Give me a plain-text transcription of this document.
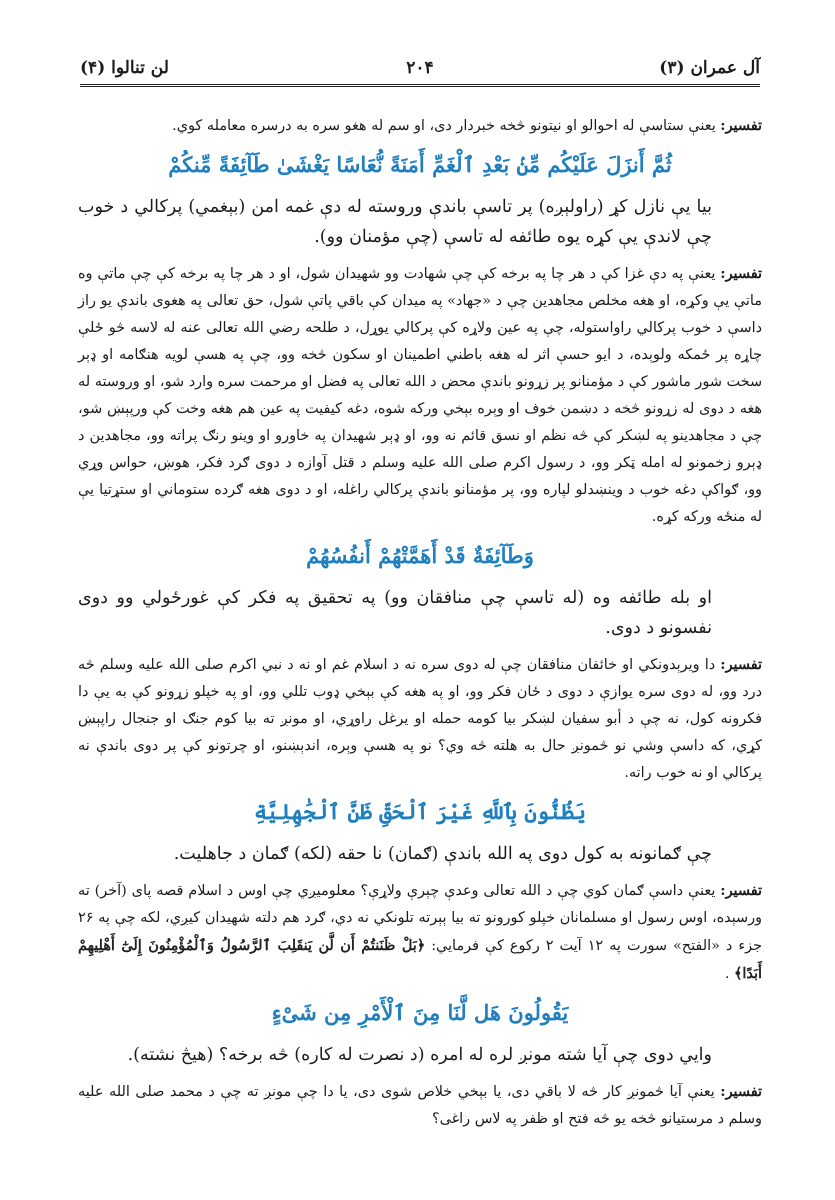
آل عمران (۳)
۲۰۴
لن تنالوا (۴)

تفسير: يعنې ستاسې له احوالو او نيتونو څخه خبردار دی، او سم له هغو سره به درسره معامله کوي.

ثُمَّ أَنزَلَ عَلَيْكُم مِّنۢ بَعْدِ ٱلْغَمِّ أَمَنَةً نُّعَاسًا يَغْشَىٰ طَآئِفَةً مِّنكُمْ

بيا يې نازل کړ (راولېږه) پر تاسې باندې وروسته له دې غمه امن (بېغمي) پرکالي د خوب چې لاندې يې کړه يوه طائفه له تاسې (چې مؤمنان وو).

تفسير: يعنې په دې غزا کې د هر چا په برخه کې چې شهادت وو شهيدان شول، او د هر چا په برخه کې چې ماتې وه ماتې يې وکړه، او هغه مخلص مجاهدين چې د «جهاد» په ميدان کې باقي پاتې شول، حق تعالى په هغوی باندې يو راز داسې د خوب پرکالي راواستوله، چې په عين ولاړه کې پرکالي يوړل، د طلحه رضي الله تعالى عنه له لاسه څو ځلې چاړه پر ځمکه ولوېده، د ايو حسې اثر له هغه باطني اطمينان او سکون څخه وو، چې په هسې لويه هنګامه او ډېر سخت شور ماشور کې د مؤمنانو پر زړونو باندې محض د الله تعالى په فضل او مرحمت سره وارد شو، او وروسته له هغه د دوی له زړونو څخه د دښمن خوف او وېره بېخي ورکه شوه، دغه کيفيت په عين هم هغه وخت کې ورپېښ شو، چې د مجاهدينو په لښکر کې څه نظم او نسق قائم نه وو، او ډېر شهيدان په خاورو او وينو رنګ پراته وو، مجاهدين د ډېرو زخمونو له امله ټکر وو، د رسول اکرم صلى الله عليه وسلم د قتل آوازه د دوی ګرد فکر، هوښ، حواس وړي وو، ګواکې دغه خوب د وينښدلو لپاره وو، پر مؤمنانو باندې پرکالي راغله، او د دوی هغه ګرده ستوماني او ستړتيا يې له منځه ورکه کړه.

وَطَآئِفَةٌ قَدْ أَهَمَّتْهُمْ أَنفُسُهُمْ

او بله طائفه وه (له تاسې چې منافقان وو) په تحقيق په فکر کې غورځولي وو دوی نفسونو د دوی.

تفسير: دا ويرېدونکي او خائفان منافقان چې له دوی سره نه د اسلام غم او نه د نبي اکرم صلى الله عليه وسلم څه درد وو، له دوی سره يوازې د دوی د ځان فکر وو، او په هغه کې بېخي ډوب تللي وو، او په خپلو زړونو کې به يې دا فکرونه کول، نه چې د أبو سفيان لښکر بيا کومه حمله او يرغل راوړي، او مونږ ته بيا کوم جنګ او جنجال راپېښ کړي، که داسې وشي نو څمونږ حال به هلته څه وي؟ نو په هسې وېره، اندېښنو، او چرتونو کې پر دوی باندې نه پرکالي او نه خوب راته.

يَظُنُّونَ بِٱللَّهِ غَيْرَ ٱلْحَقِّ ظَنَّ ٱلْجَٰهِلِيَّةِ

چې ګمانونه به کول دوی په الله باندې (ګمان) نا حقه (لکه) ګمان د جاهليت.

تفسير: يعنې داسې ګمان کوي چې د الله تعالى وعدې چېرې ولاړې؟ معلوميږي چې اوس د اسلام قصه پای (آخر) ته ورسېده، اوس رسول او مسلمانان خپلو کورونو ته بيا ېېرته تلونکي نه دي، ګرد هم دلته شهيدان کيږي، لکه چې په ۲۶ جزء د «الفتح» سورت په ۱۲ آيت ۲ رکوع کې فرمايي: ﴿بَلْ ظَنَنتُمْ أَن لَّن يَنقَلِبَ ٱلرَّسُولُ وَٱلْمُؤْمِنُونَ إِلَىٰٓ أَهْلِيهِمْ أَبَدًا﴾ .

يَقُولُونَ هَل لَّنَا مِنَ ٱلْأَمْرِ مِن شَىْءٍ

وايي دوی چې آيا شته مونږ لره له امره (د نصرت له کاره) څه برخه؟ (هيڅ نشته).

تفسير: يعنې آيا څمونږ کار څه لا باقي دی، يا بېخي خلاص شوی دی، يا دا چې مونږ ته چې د محمد صلى الله عليه وسلم د مرستيانو څخه يو څه فتح او ظفر په لاس راغی؟
